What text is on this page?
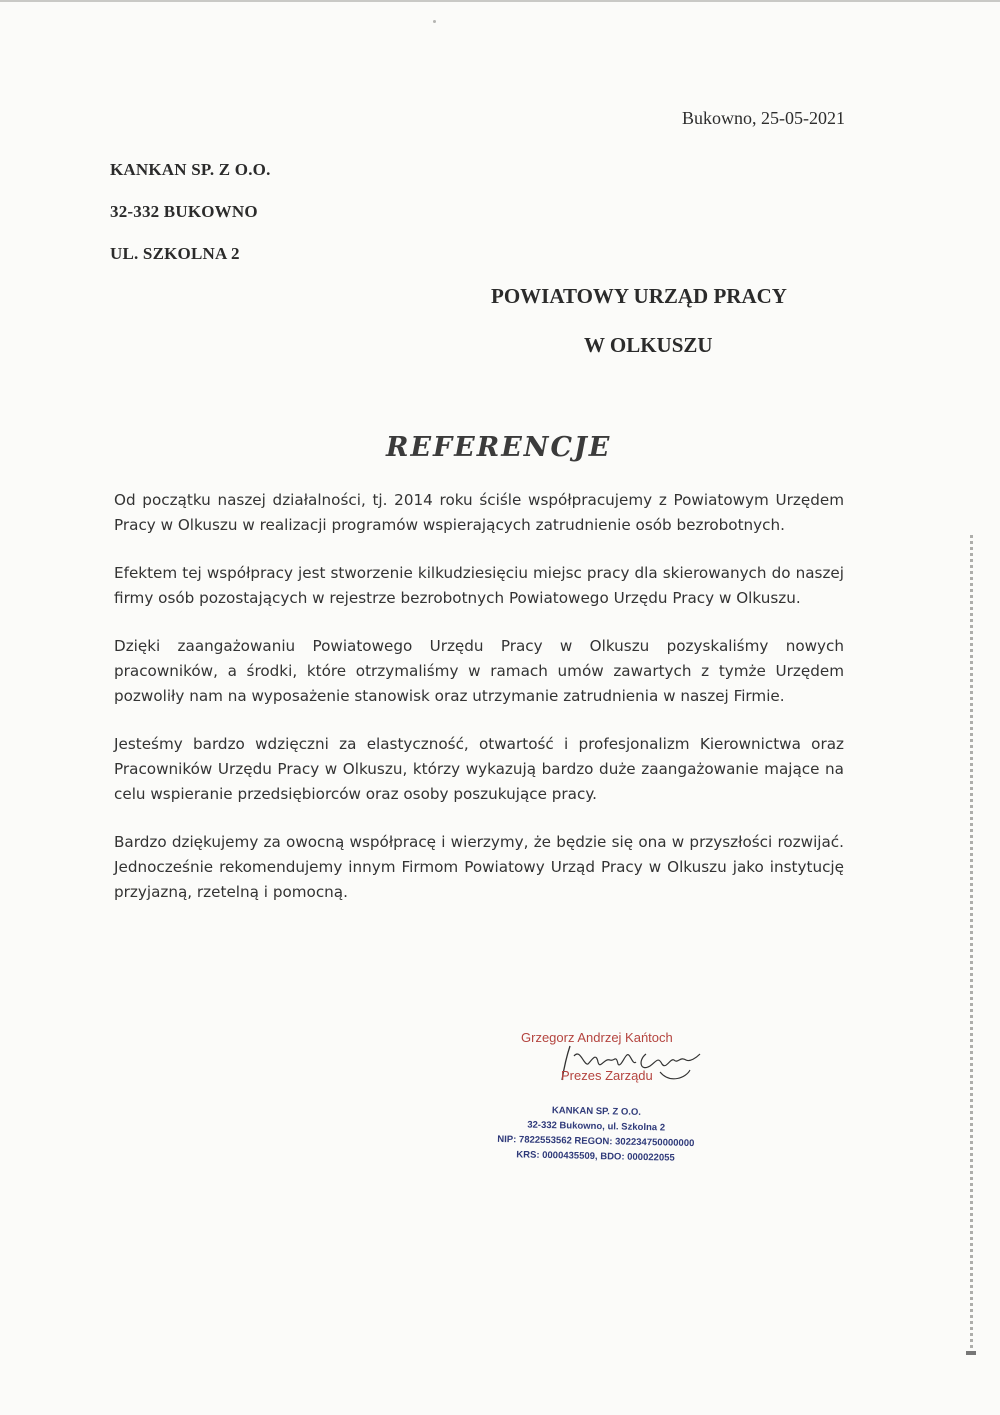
Bukowno, 25-05-2021
KANKAN SP. Z O.O.
32-332 BUKOWNO
UL. SZKOLNA 2
POWIATOWY URZĄD PRACY
W OLKUSZU
REFERENCJE

Od początku naszej działalności, tj. 2014 roku ściśle współpracujemy z Powiatowym Urzędem Pracy w Olkuszu w realizacji programów wspierających zatrudnienie osób bezrobotnych.

Efektem tej współpracy jest stworzenie kilkudziesięciu miejsc pracy dla skierowanych do naszej firmy osób pozostających w rejestrze bezrobotnych Powiatowego Urzędu Pracy w Olkuszu.

Dzięki zaangażowaniu Powiatowego Urzędu Pracy w Olkuszu pozyskaliśmy nowych pracowników, a środki, które otrzymaliśmy w ramach umów zawartych z tymże Urzędem pozwoliły nam na wyposażenie stanowisk oraz utrzymanie zatrudnienia w naszej Firmie.

Jesteśmy bardzo wdzięczni za elastyczność, otwartość i profesjonalizm Kierownictwa oraz Pracowników Urzędu Pracy w Olkuszu, którzy wykazują bardzo duże zaangażowanie mające na celu wspieranie przedsiębiorców oraz osoby poszukujące pracy.

Bardzo dziękujemy za owocną współpracę i wierzymy, że będzie się ona w przyszłości rozwijać. Jednocześnie rekomendujemy innym Firmom Powiatowy Urząd Pracy w Olkuszu jako instytucję przyjazną, rzetelną i pomocną.

Grzegorz Andrzej Kańtoch
Prezes Zarządu
KANKAN SP. Z O.O.
32-332 Bukowno, ul. Szkolna 2
NIP: 7822553562 REGON: 302234750000000
KRS: 0000435509, BDO: 000022055
